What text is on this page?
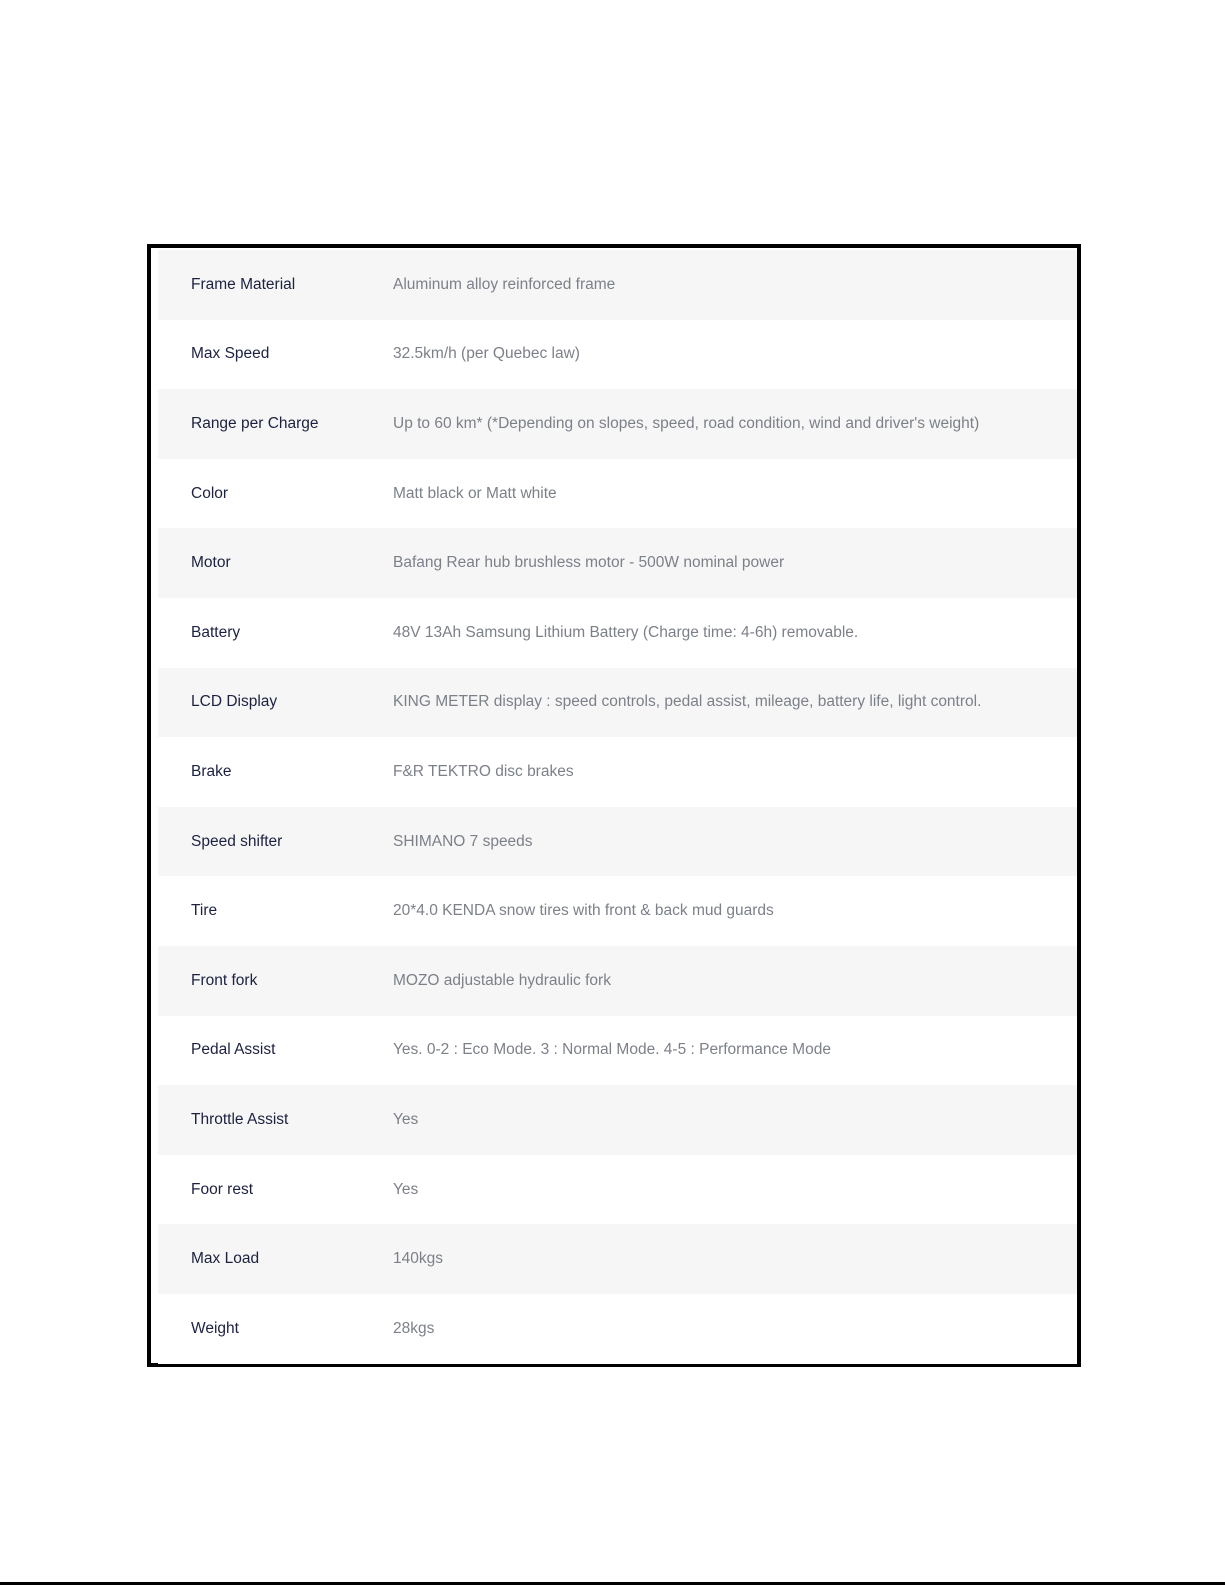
Frame Material	Aluminum alloy reinforced frame
Max Speed	32.5km/h (per Quebec law)
Range per Charge	Up to 60 km* (*Depending on slopes, speed, road condition, wind and driver's weight)
Color	Matt black or Matt white
Motor	Bafang Rear hub brushless motor - 500W nominal power
Battery	48V 13Ah Samsung Lithium Battery (Charge time: 4-6h) removable.
LCD Display	KING METER display : speed controls, pedal assist, mileage, battery life, light control.
Brake	F&R TEKTRO disc brakes
Speed shifter	SHIMANO 7 speeds
Tire	20*4.0 KENDA snow tires with front & back mud guards
Front fork	MOZO adjustable hydraulic fork
Pedal Assist	Yes. 0-2 : Eco Mode. 3 : Normal Mode. 4-5 : Performance Mode
Throttle Assist	Yes
Foor rest	Yes
Max Load	140kgs
Weight	28kgs
